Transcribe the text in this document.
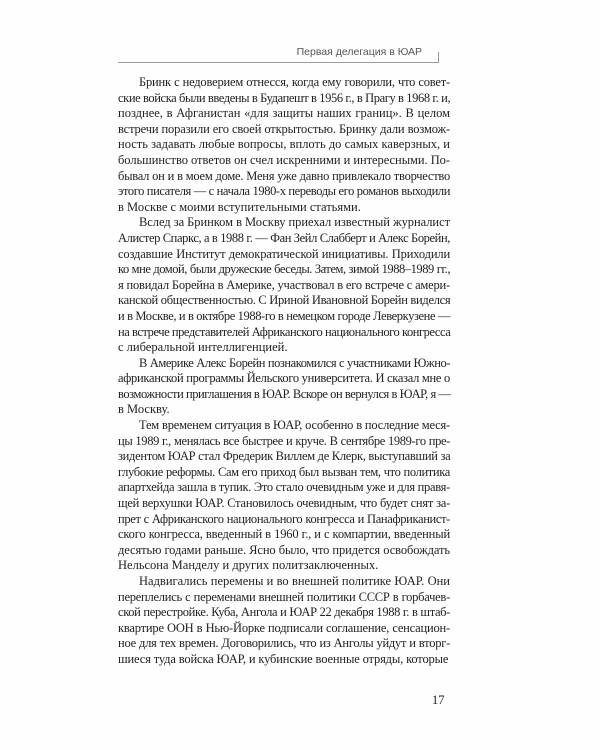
Первая делегация в ЮАР
Бринк с недоверием отнесся, когда ему говорили, что совет-
ские войска были введены в Будапешт в 1956 г., в Прагу в 1968 г. и,
позднее, в Афганистан «для защиты наших границ». В целом
встречи поразили его своей открытостью. Бринку дали возмож-
ность задавать любые вопросы, вплоть до самых каверзных, и
большинство ответов он счел искренними и интересными. По-
бывал он и в моем доме. Меня уже давно привлекало творчество
этого писателя — с начала 1980-х переводы его романов выходили
в Москве с моими вступительными статьями.
Вслед за Бринком в Москву приехал известный журналист
Алистер Спаркс, а в 1988 г. — Фан Зейл Слабберт и Алекс Борейн,
создавшие Институт демократической инициативы. Приходили
ко мне домой, были дружеские беседы. Затем, зимой 1988–1989 гг.,
я повидал Борейна в Америке, участвовал в его встрече с амери-
канской общественностью. С Ириной Ивановной Борейн виделся
и в Москве, и в октябре 1988-го в немецком городе Леверкузене —
на встрече представителей Африканского национального конгресса
с либеральной интеллигенцией.
В Америке Алекс Борейн познакомился с участниками Южно-
африканской программы Йельского университета. И сказал мне о
возможности приглашения в ЮАР. Вскоре он вернулся в ЮАР, я —
в Москву.
Тем временем ситуация в ЮАР, особенно в последние меся-
цы 1989 г., менялась все быстрее и круче. В сентябре 1989-го пре-
зидентом ЮАР стал Фредерик Виллем де Клерк, выступавший за
глубокие реформы. Сам его приход был вызван тем, что политика
апартхейда зашла в тупик. Это стало очевидным уже и для правя-
щей верхушки ЮАР. Становилось очевидным, что будет снят за-
прет с Африканского национального конгресса и Панафриканист-
ского конгресса, введенный в 1960 г., и с компартии, введенный
десятью годами раньше. Ясно было, что придется освобождать
Нельсона Манделу и других политзаключенных.
Надвигались перемены и во внешней политике ЮАР. Они
переплелись с переменами внешней политики СССР в горбачев-
ской перестройке. Куба, Ангола и ЮАР 22 декабря 1988 г. в штаб-
квартире ООН в Нью-Йорке подписали соглашение, сенсацион-
ное для тех времен. Договорились, что из Анголы уйдут и вторг-
шиеся туда войска ЮАР, и кубинские военные отряды, которые
17
